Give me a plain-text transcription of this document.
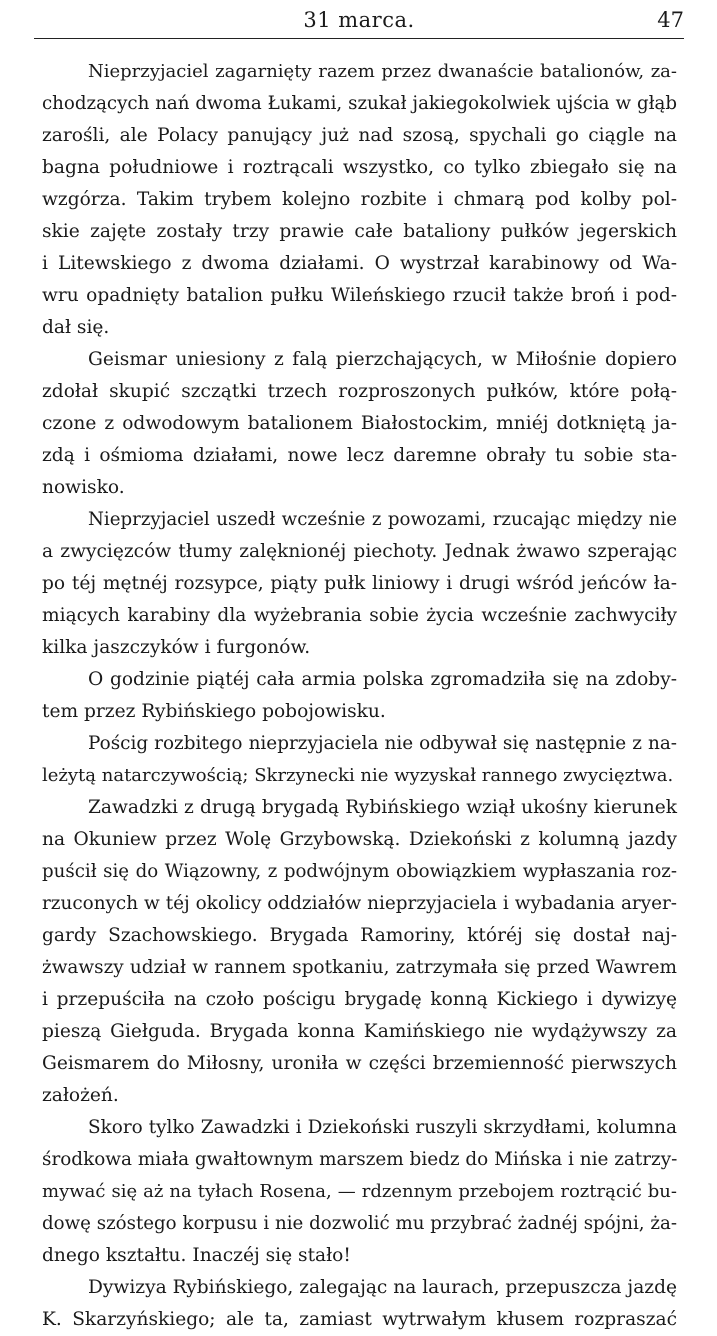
31 marca.	47
Nieprzyjaciel zagarnięty razem przez dwanaście batalionów, za-
chodzących nań dwoma Łukami, szukał jakiegokolwiek ujścia w głąb
zarośli, ale Polacy panujący już nad szosą, spychali go ciągle na
bagna południowe i roztrącali wszystko, co tylko zbiegało się na
wzgórza. Takim trybem kolejno rozbite i chmarą pod kolby pol-
skie zajęte zostały trzy prawie całe bataliony pułków jegerskich
i Litewskiego z dwoma działami. O wystrzał karabinowy od Wa-
wru opadnięty batalion pułku Wileńskiego rzucił także broń i pod-
dał się.
Geismar uniesiony z falą pierzchających, w Miłośnie dopiero
zdołał skupić szczątki trzech rozproszonych pułków, które połą-
czone z odwodowym batalionem Białostockim, mniéj dotkniętą ja-
zdą i ośmioma działami, nowe lecz daremne obrały tu sobie sta-
nowisko.
Nieprzyjaciel uszedł wcześnie z powozami, rzucając między nie
a zwycięzców tłumy zalęknionéj piechoty. Jednak żwawo szperając
po téj mętnéj rozsypce, piąty pułk liniowy i drugi wśród jeńców ła-
miących karabiny dla wyżebrania sobie życia wcześnie zachwyciły
kilka jaszczyków i furgonów.
O godzinie piątéj cała armia polska zgromadziła się na zdoby-
tem przez Rybińskiego pobojowisku.
Pościg rozbitego nieprzyjaciela nie odbywał się następnie z na-
leżytą natarczywością; Skrzynecki nie wyzyskał rannego zwycięztwa.
Zawadzki z drugą brygadą Rybińskiego wziął ukośny kierunek
na Okuniew przez Wolę Grzybowską. Dziekoński z kolumną jazdy
puścił się do Wiązowny, z podwójnym obowiązkiem wypłaszania roz-
rzuconych w téj okolicy oddziałów nieprzyjaciela i wybadania aryer-
gardy Szachowskiego. Brygada Ramoriny, któréj się dostał naj-
żwawszy udział w rannem spotkaniu, zatrzymała się przed Wawrem
i przepuściła na czoło pościgu brygadę konną Kickiego i dywizyę
pieszą Giełguda. Brygada konna Kamińskiego nie wydążywszy za
Geismarem do Miłosny, uroniła w części brzemienność pierwszych
założeń.
Skoro tylko Zawadzki i Dziekoński ruszyli skrzydłami, kolumna
środkowa miała gwałtownym marszem biedz do Mińska i nie zatrzy-
mywać się aż na tyłach Rosena, — rdzennym przebojem roztrącić bu-
dowę szóstego korpusu i nie dozwolić mu przybrać żadnéj spójni, ża-
dnego kształtu. Inaczéj się stało!
Dywizya Rybińskiego, zalegając na laurach, przepuszcza jazdę
K. Skarzyńskiego; ale ta, zamiast wytrwałym kłusem rozpraszać
